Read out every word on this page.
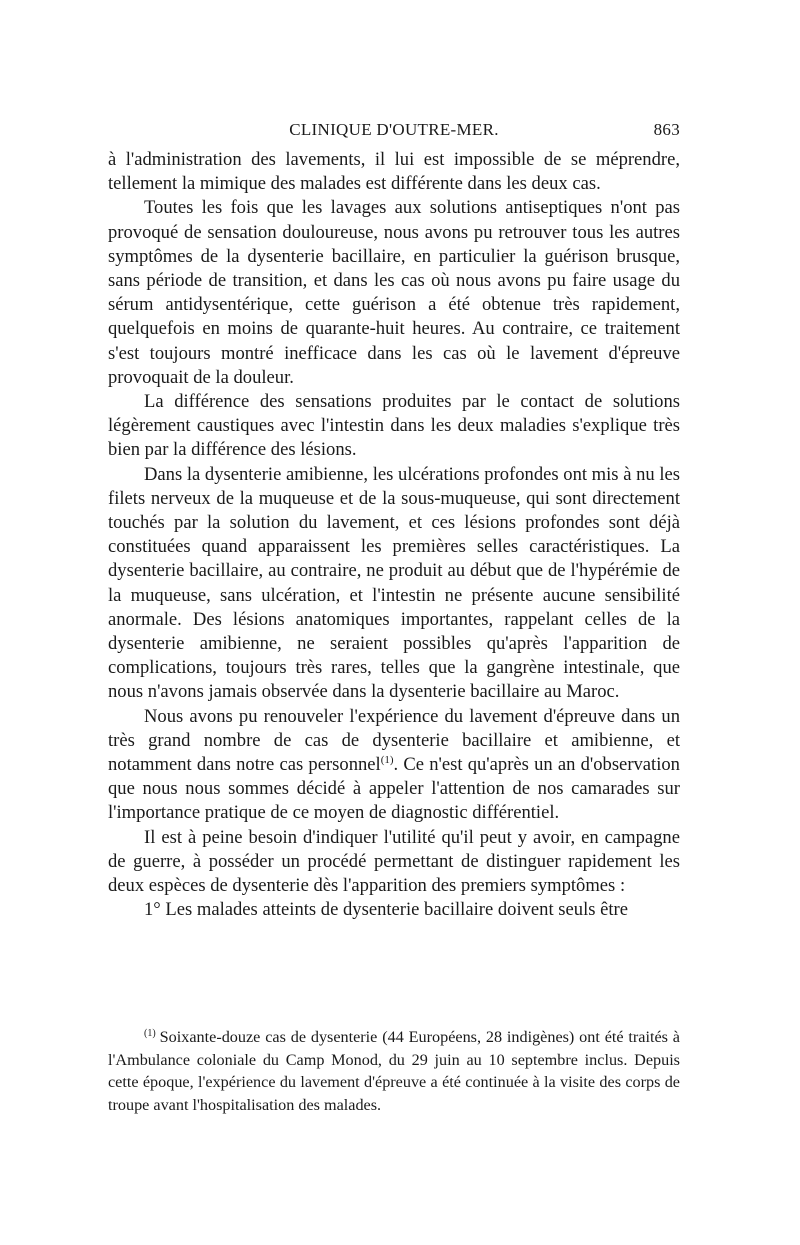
CLINIQUE D'OUTRE-MER.	863

à l'administration des lavements, il lui est impossible de se méprendre, tellement la mimique des malades est différente dans les deux cas.

Toutes les fois que les lavages aux solutions antiseptiques n'ont pas provoqué de sensation douloureuse, nous avons pu retrouver tous les autres symptômes de la dysenterie bacillaire, en particulier la guérison brusque, sans période de transition, et dans les cas où nous avons pu faire usage du sérum antidysentérique, cette guérison a été obtenue très rapidement, quelquefois en moins de quarante-huit heures. Au contraire, ce traitement s'est toujours montré inefficace dans les cas où le lavement d'épreuve provoquait de la douleur.

La différence des sensations produites par le contact de solutions légèrement caustiques avec l'intestin dans les deux maladies s'explique très bien par la différence des lésions.

Dans la dysenterie amibienne, les ulcérations profondes ont mis à nu les filets nerveux de la muqueuse et de la sous-muqueuse, qui sont directement touchés par la solution du lavement, et ces lésions profondes sont déjà constituées quand apparaissent les premières selles caractéristiques. La dysenterie bacillaire, au contraire, ne produit au début que de l'hypérémie de la muqueuse, sans ulcération, et l'intestin ne présente aucune sensibilité anormale. Des lésions anatomiques importantes, rappelant celles de la dysenterie amibienne, ne seraient possibles qu'après l'apparition de complications, toujours très rares, telles que la gangrène intestinale, que nous n'avons jamais observée dans la dysenterie bacillaire au Maroc.

Nous avons pu renouveler l'expérience du lavement d'épreuve dans un très grand nombre de cas de dysenterie bacillaire et amibienne, et notamment dans notre cas personnel$^{(1)}$. Ce n'est qu'après un an d'observation que nous nous sommes décidé à appeler l'attention de nos camarades sur l'importance pratique de ce moyen de diagnostic différentiel.

Il est à peine besoin d'indiquer l'utilité qu'il peut y avoir, en campagne de guerre, à posséder un procédé permettant de distinguer rapidement les deux espèces de dysenterie dès l'apparition des premiers symptômes :

1° Les malades atteints de dysenterie bacillaire doivent seuls être

$^{(1)}$ Soixante-douze cas de dysenterie (44 Européens, 28 indigènes) ont été traités à l'Ambulance coloniale du Camp Monod, du 29 juin au 10 septembre inclus. Depuis cette époque, l'expérience du lavement d'épreuve a été continuée à la visite des corps de troupe avant l'hospitalisation des malades.
